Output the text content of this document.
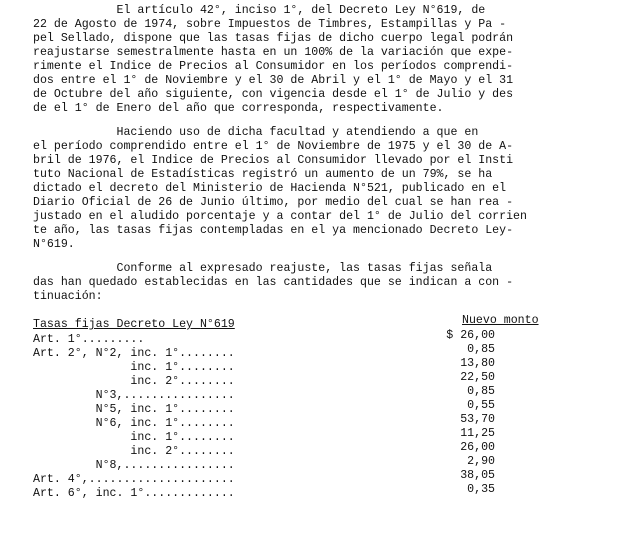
El artículo 42°, inciso 1°, del Decreto Ley N°619, de
22 de Agosto de 1974, sobre Impuestos de Timbres, Estampillas y Pa -
pel Sellado, dispone que las tasas fijas de dicho cuerpo legal podrán
reajustarse semestralmente hasta en un 100% de la variación que expe-
rimente el Indice de Precios al Consumidor en los períodos comprendi-
dos entre el 1° de Noviembre y el 30 de Abril y el 1° de Mayo y el 31
de Octubre del año siguiente, con vigencia desde el 1° de Julio y des
de el 1° de Enero del año que corresponda, respectivamente.
Haciendo uso de dicha facultad y atendiendo a que en
el período comprendido entre el 1° de Noviembre de 1975 y el 30 de A-
bril de 1976, el Indice de Precios al Consumidor llevado por el Insti
tuto Nacional de Estadísticas registró un aumento de un 79%, se ha
dictado el decreto del Ministerio de Hacienda N°521, publicado en el
Diario Oficial de 26 de Junio último, por medio del cual se han rea -
justado en el aludido porcentaje y a contar del 1° de Julio del corrien
te año, las tasas fijas contempladas en el ya mencionado Decreto Ley-
N°619.
Conforme al expresado reajuste, las tasas fijas señala
das han quedado establecidas en las cantidades que se indican a con -
tinuación:
Tasas fijas Decreto Ley N°619	Nuevo monto
Art. 1°.........	$ 26,00
Art. 2°, N°2, inc. 1°........	0,85
inc. 1°........	13,80
inc. 2°........	22,50
N°3,................	0,85
N°5, inc. 1°........	0,55
N°6, inc. 1°........	53,70
inc. 1°........	11,25
inc. 2°........	26,00
N°8,................	2,90
Art. 4°,.....................	38,05
Art. 6°, inc. 1°.............	0,35
